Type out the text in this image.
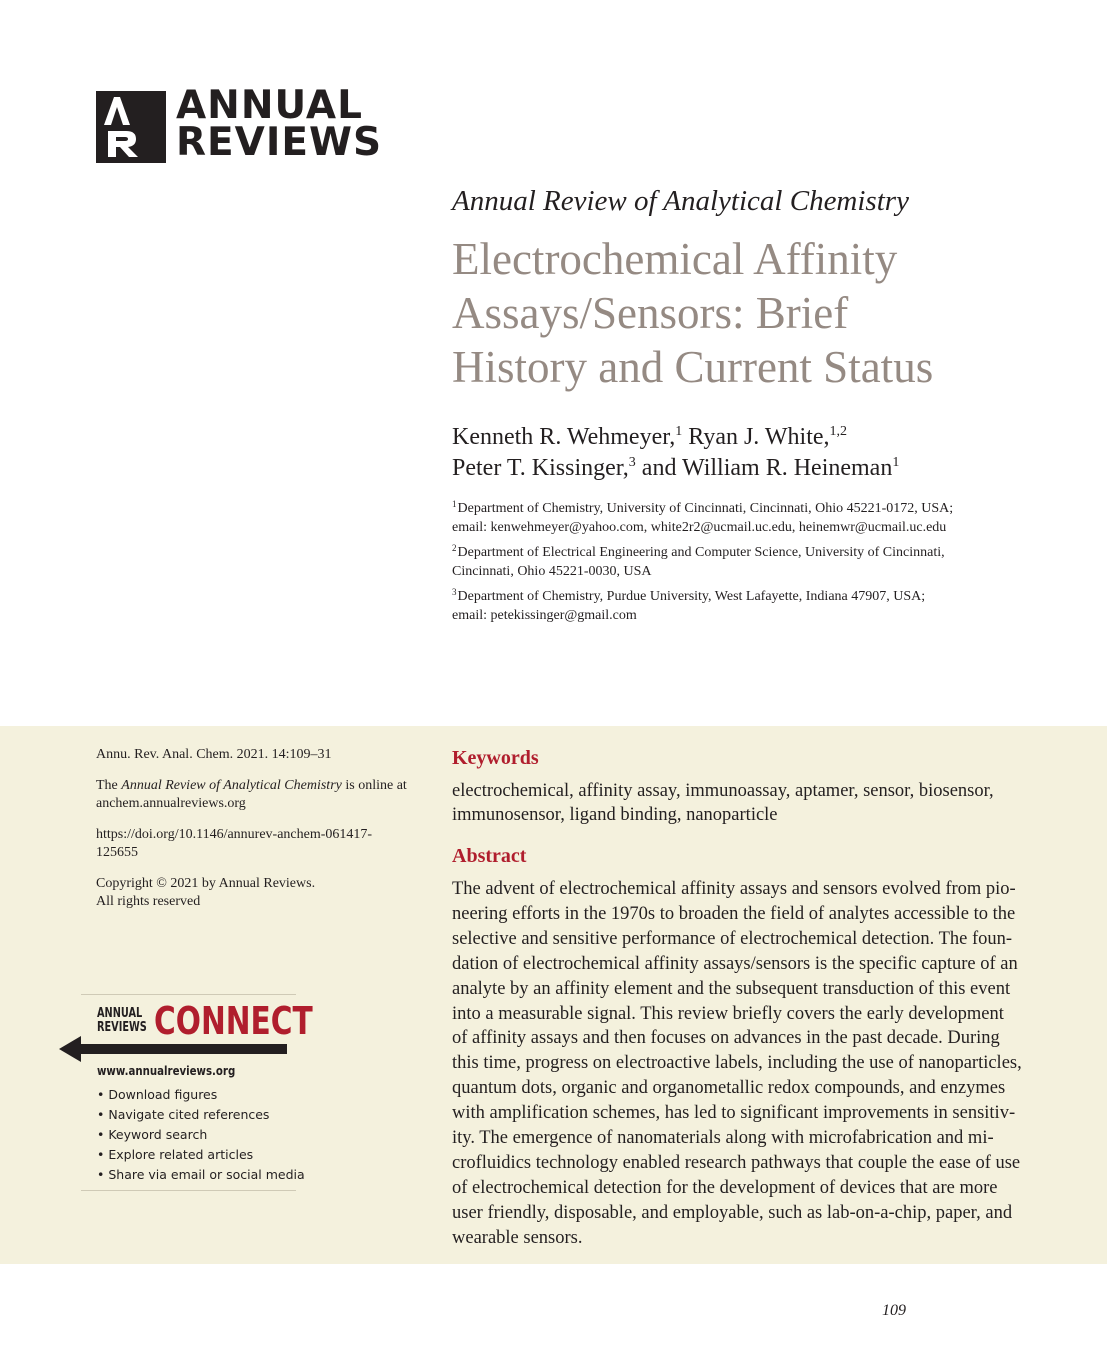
ANNUAL
REVIEWS
Annual Review of Analytical Chemistry
Electrochemical Affinity
Assays/Sensors: Brief
History and Current Status
Kenneth R. Wehmeyer,$^1$ Ryan J. White,$^{1,2}$
Peter T. Kissinger,$^3$ and William R. Heineman$^1$
$^1$Department of Chemistry, University of Cincinnati, Cincinnati, Ohio 45221-0172, USA;
email: kenwehmeyer@yahoo.com, white2r2@ucmail.uc.edu, heinemwr@ucmail.uc.edu
$^2$Department of Electrical Engineering and Computer Science, University of Cincinnati,
Cincinnati, Ohio 45221-0030, USA
$^3$Department of Chemistry, Purdue University, West Lafayette, Indiana 47907, USA;
email: petekissinger@gmail.com
Annu. Rev. Anal. Chem. 2021. 14:109–31
The Annual Review of Analytical Chemistry is online at
anchem.annualreviews.org
https://doi.org/10.1146/annurev-anchem-061417-
125655
Copyright © 2021 by Annual Reviews.
All rights reserved
ANNUAL
REVIEWS CONNECT
www.annualreviews.org
• Download figures
• Navigate cited references
• Keyword search
• Explore related articles
• Share via email or social media
Keywords
electrochemical, affinity assay, immunoassay, aptamer, sensor, biosensor,
immunosensor, ligand binding, nanoparticle
Abstract
The advent of electrochemical affinity assays and sensors evolved from pio-
neering efforts in the 1970s to broaden the field of analytes accessible to the
selective and sensitive performance of electrochemical detection. The foun-
dation of electrochemical affinity assays/sensors is the specific capture of an
analyte by an affinity element and the subsequent transduction of this event
into a measurable signal. This review briefly covers the early development
of affinity assays and then focuses on advances in the past decade. During
this time, progress on electroactive labels, including the use of nanoparticles,
quantum dots, organic and organometallic redox compounds, and enzymes
with amplification schemes, has led to significant improvements in sensitiv-
ity. The emergence of nanomaterials along with microfabrication and mi-
crofluidics technology enabled research pathways that couple the ease of use
of electrochemical detection for the development of devices that are more
user friendly, disposable, and employable, such as lab-on-a-chip, paper, and
wearable sensors.
109
